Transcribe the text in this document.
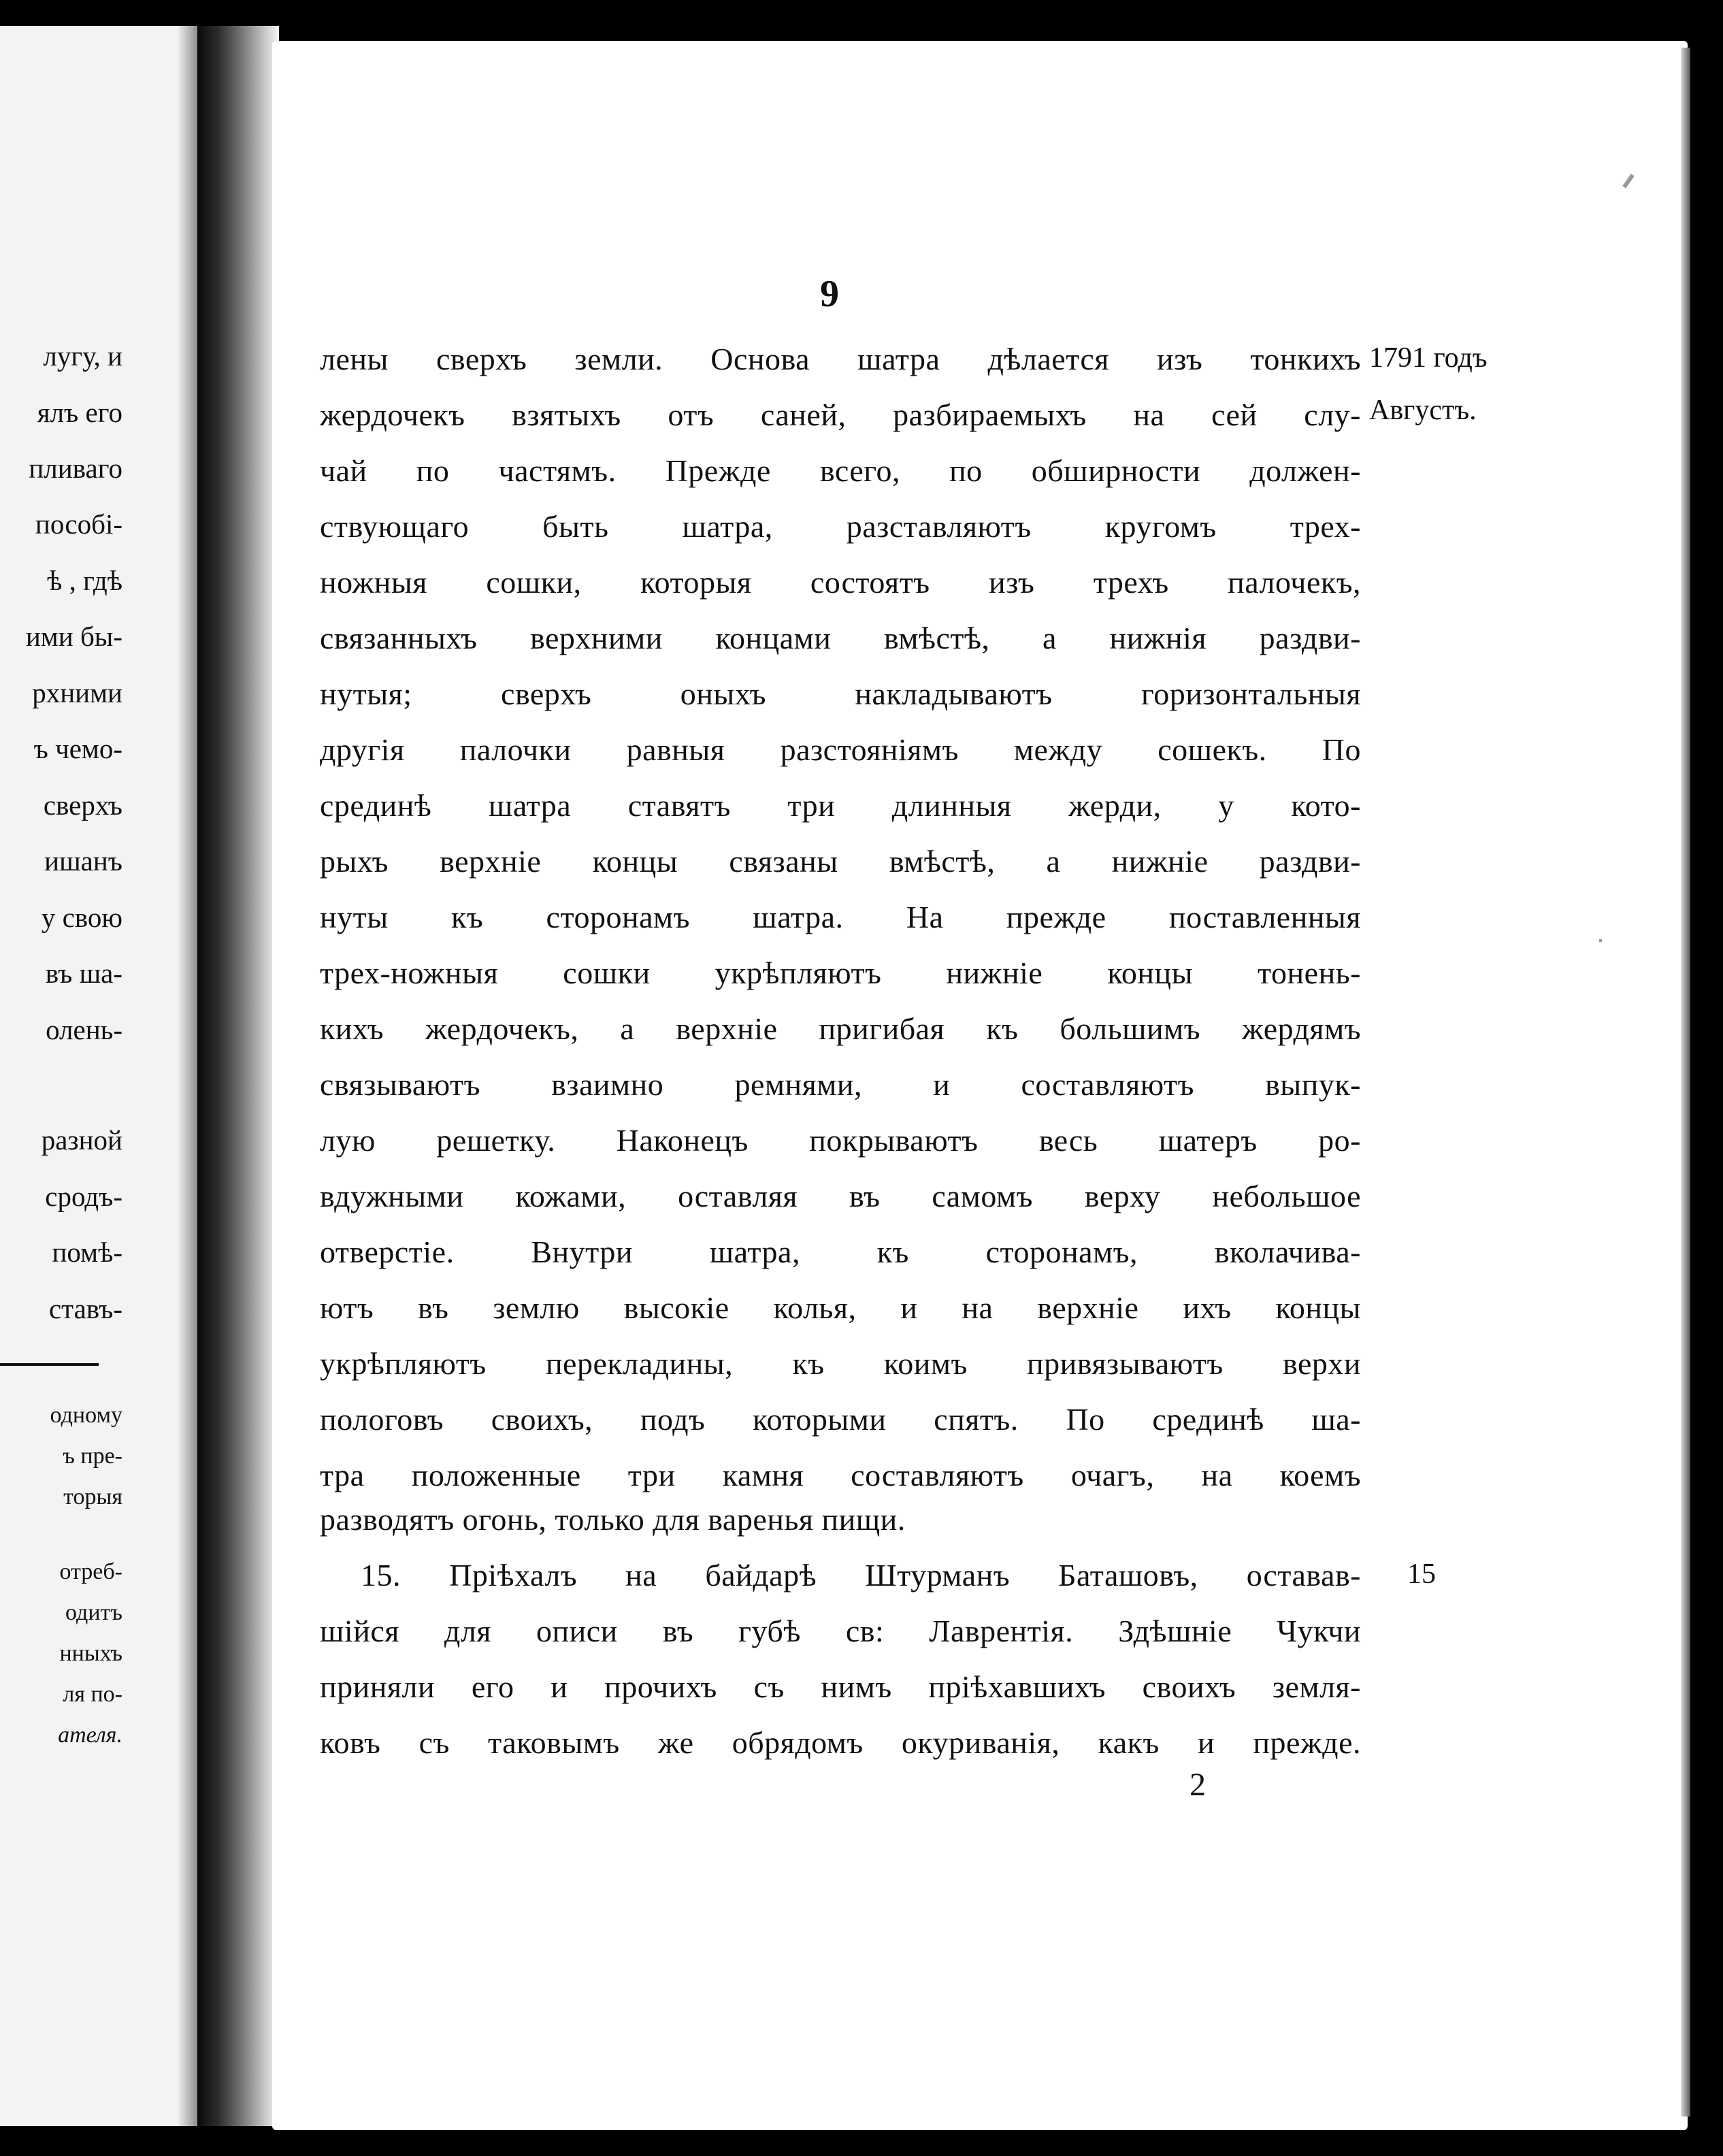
лугу, и
ялъ его
пливаго
пособі-
ѣ , гдѣ
ими бы-
рхними
ъ чемо-
сверхъ
ишанъ
у свою
въ ша-
олень-
разной
сродъ-
помѣ-
ставъ-
одному
ъ пре-
торыя
отреб-
одитъ
нныхъ
ля по-
ателя.
9
1791 годъ
Августъ.
15
лены сверхъ земли. Основа шатра дѣлается изъ тонкихъ
жердочекъ взятыхъ отъ саней, разбираемыхъ на сей слу-
чай по частямъ. Прежде всего, по обширности должен-
ствующаго быть шатра, разставляютъ кругомъ трех-
ножныя сошки, которыя состоятъ изъ трехъ палочекъ,
связанныхъ верхними концами вмѣстѣ, а нижнія раздви-
нутыя; сверхъ оныхъ накладываютъ горизонтальныя
другія палочки равныя разстояніямъ между сошекъ. По
срединѣ шатра ставятъ три длинныя жерди, у кото-
рыхъ верхніе концы связаны вмѣстѣ, а нижніе раздви-
нуты къ сторонамъ шатра. На прежде поставленныя
трех-ножныя сошки укрѣпляютъ нижніе концы тонень-
кихъ жердочекъ, а верхніе пригибая къ большимъ жердямъ
связываютъ взаимно ремнями, и составляютъ выпук-
лую решетку. Наконецъ покрываютъ весь шатеръ ро-
вдужными кожами, оставляя въ самомъ верху небольшое
отверстіе. Внутри шатра, къ сторонамъ, вколачива-
ютъ въ землю высокіе колья, и на верхніе ихъ концы
укрѣпляютъ перекладины, къ коимъ привязываютъ верхи
пологовъ своихъ, подъ которыми спятъ. По срединѣ ша-
тра положенные три камня составляютъ очагъ, на коемъ
разводятъ огонь, только для варенья пищи.
15. Пріѣхалъ на байдарѣ Штурманъ Баташовъ, оставав-
шійся для описи въ губѣ св: Лаврентія. Здѣшніе Чукчи
приняли его и прочихъ съ нимъ пріѣхавшихъ своихъ земля-
ковъ съ таковымъ же обрядомъ окуриванія, какъ и прежде.
2
